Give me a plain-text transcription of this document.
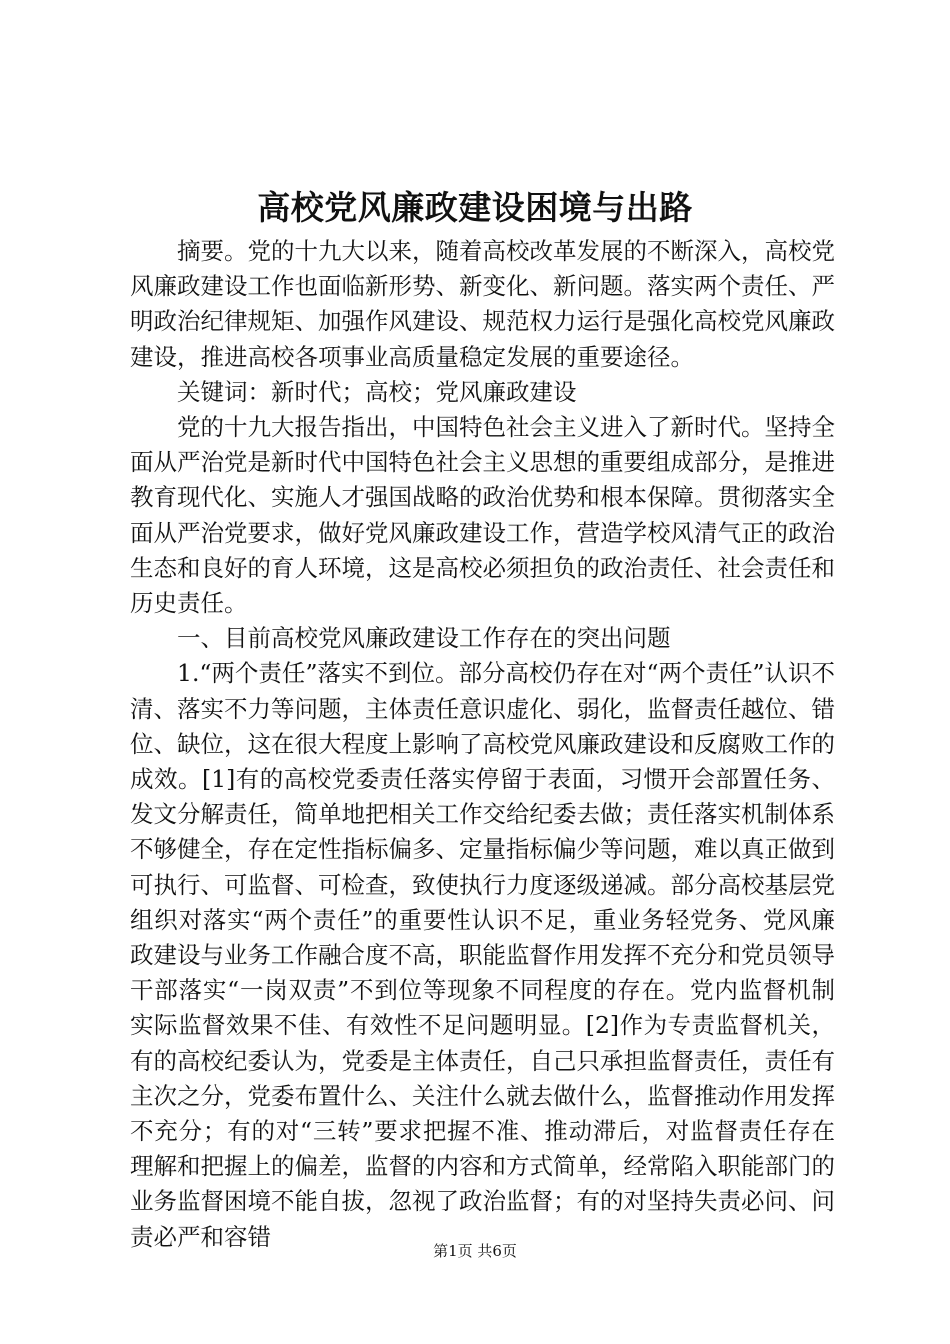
高校党风廉政建设困境与出路

摘要。党的十九大以来，随着高校改革发展的不断深入，高校党风廉政建设工作也面临新形势、新变化、新问题。落实两个责任、严明政治纪律规矩、加强作风建设、规范权力运行是强化高校党风廉政建设，推进高校各项事业高质量稳定发展的重要途径。

关键词：新时代；高校；党风廉政建设

党的十九大报告指出，中国特色社会主义进入了新时代。坚持全面从严治党是新时代中国特色社会主义思想的重要组成部分，是推进教育现代化、实施人才强国战略的政治优势和根本保障。贯彻落实全面从严治党要求，做好党风廉政建设工作，营造学校风清气正的政治生态和良好的育人环境，这是高校必须担负的政治责任、社会责任和历史责任。

一、目前高校党风廉政建设工作存在的突出问题

1.“两个责任”落实不到位。部分高校仍存在对“两个责任”认识不清、落实不力等问题，主体责任意识虚化、弱化，监督责任越位、错位、缺位，这在很大程度上影响了高校党风廉政建设和反腐败工作的成效。[1]有的高校党委责任落实停留于表面，习惯开会部置任务、发文分解责任，简单地把相关工作交给纪委去做；责任落实机制体系不够健全，存在定性指标偏多、定量指标偏少等问题，难以真正做到可执行、可监督、可检查，致使执行力度逐级递减。部分高校基层党组织对落实“两个责任”的重要性认识不足，重业务轻党务、党风廉政建设与业务工作融合度不高，职能监督作用发挥不充分和党员领导干部落实“一岗双责”不到位等现象不同程度的存在。党内监督机制实际监督效果不佳、有效性不足问题明显。[2]作为专责监督机关，有的高校纪委认为，党委是主体责任，自己只承担监督责任，责任有主次之分，党委布置什么、关注什么就去做什么，监督推动作用发挥不充分；有的对“三转”要求把握不准、推动滞后，对监督责任存在理解和把握上的偏差，监督的内容和方式简单，经常陷入职能部门的业务监督困境不能自拔，忽视了政治监督；有的对坚持失责必问、问责必严和容错

第1页 共6页
